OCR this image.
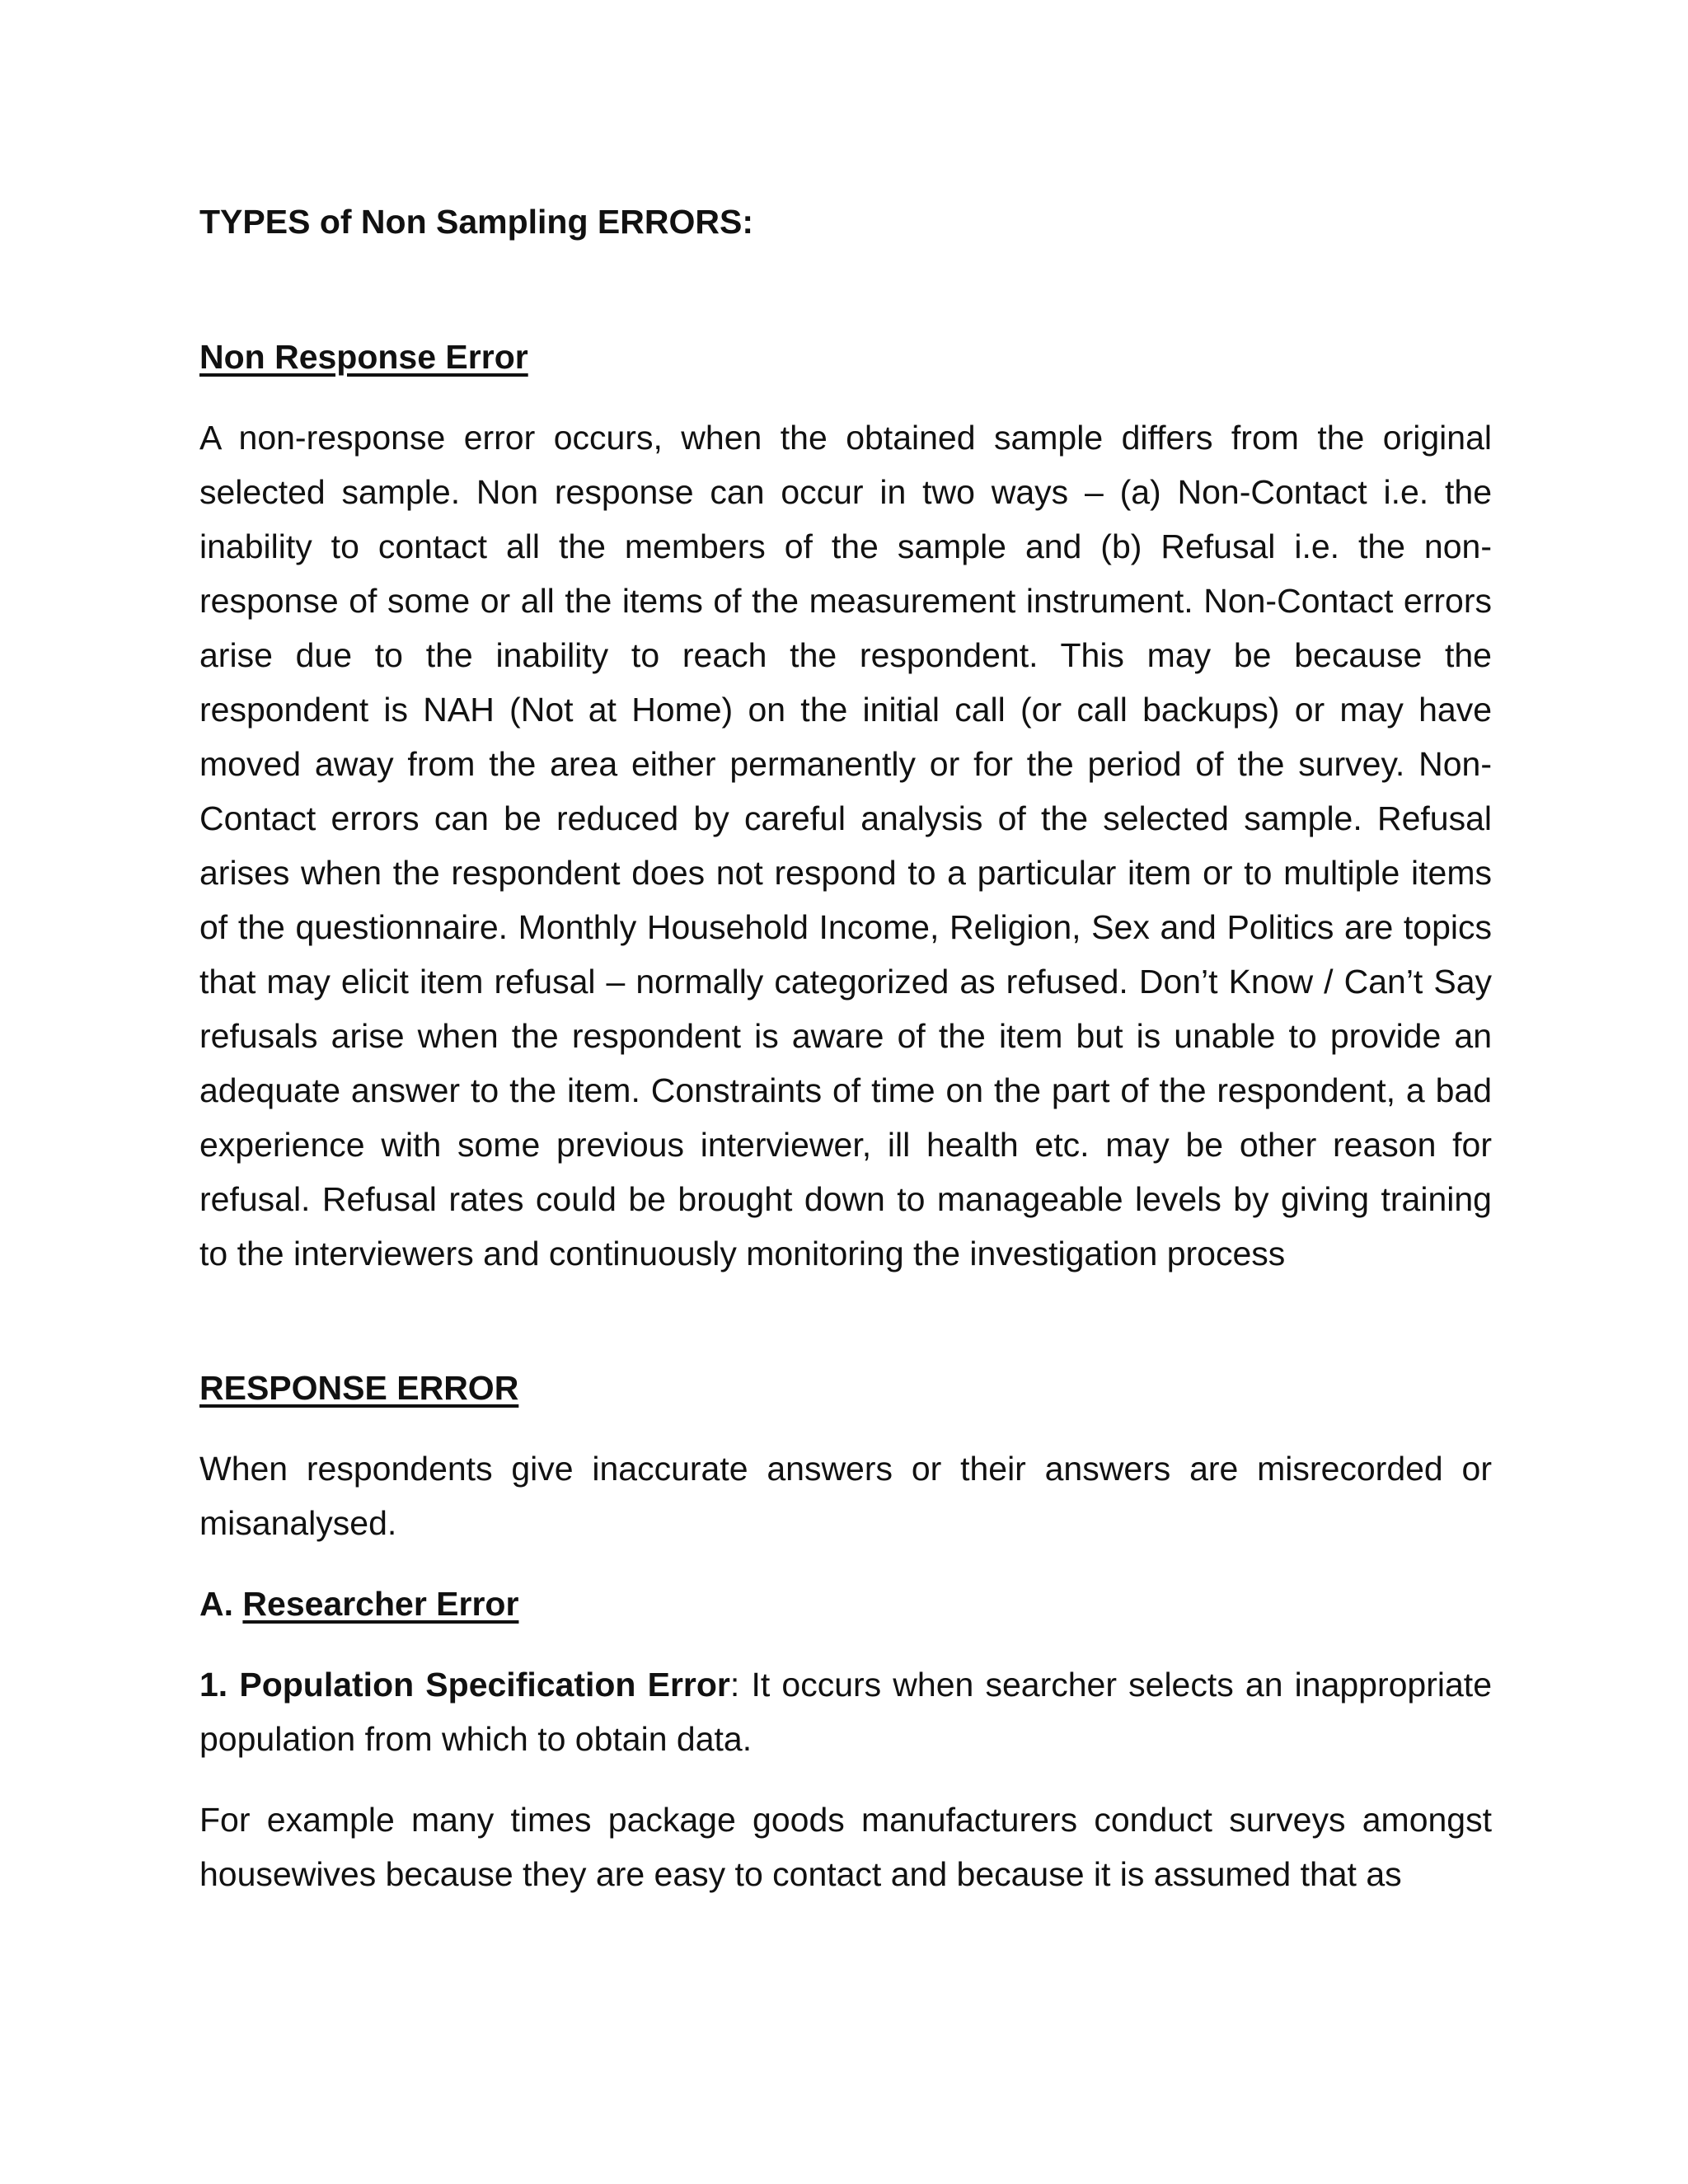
TYPES of Non Sampling ERRORS:

Non Response Error

A non-response error occurs, when the obtained sample differs from the original selected sample. Non response can occur in two ways – (a) Non-Contact i.e. the inability to contact all the members of the sample and (b) Refusal i.e. the non-response of some or all the items of the measurement instrument. Non-Contact errors arise due to the inability to reach the respondent. This may be because the respondent is NAH (Not at Home) on the initial call (or call backups) or may have moved away from the area either permanently or for the period of the survey. Non-Contact errors can be reduced by careful analysis of the selected sample. Refusal arises when the respondent does not respond to a particular item or to multiple items of the questionnaire. Monthly Household Income, Religion, Sex and Politics are topics that may elicit item refusal – normally categorized as refused. Don’t Know / Can’t Say refusals arise when the respondent is aware of the item but is unable to provide an adequate answer to the item. Constraints of time on the part of the respondent, a bad experience with some previous interviewer, ill health etc. may be other reason for refusal. Refusal rates could be brought down to manageable levels by giving training to the interviewers and continuously monitoring the investigation process

RESPONSE ERROR

When respondents give inaccurate answers or their answers are misrecorded or misanalysed.

A. Researcher Error

1. Population Specification Error: It occurs when searcher selects an inappropriate population from which to obtain data.

For example many times package goods manufacturers conduct surveys amongst housewives because they are easy to contact and because it is assumed that as
